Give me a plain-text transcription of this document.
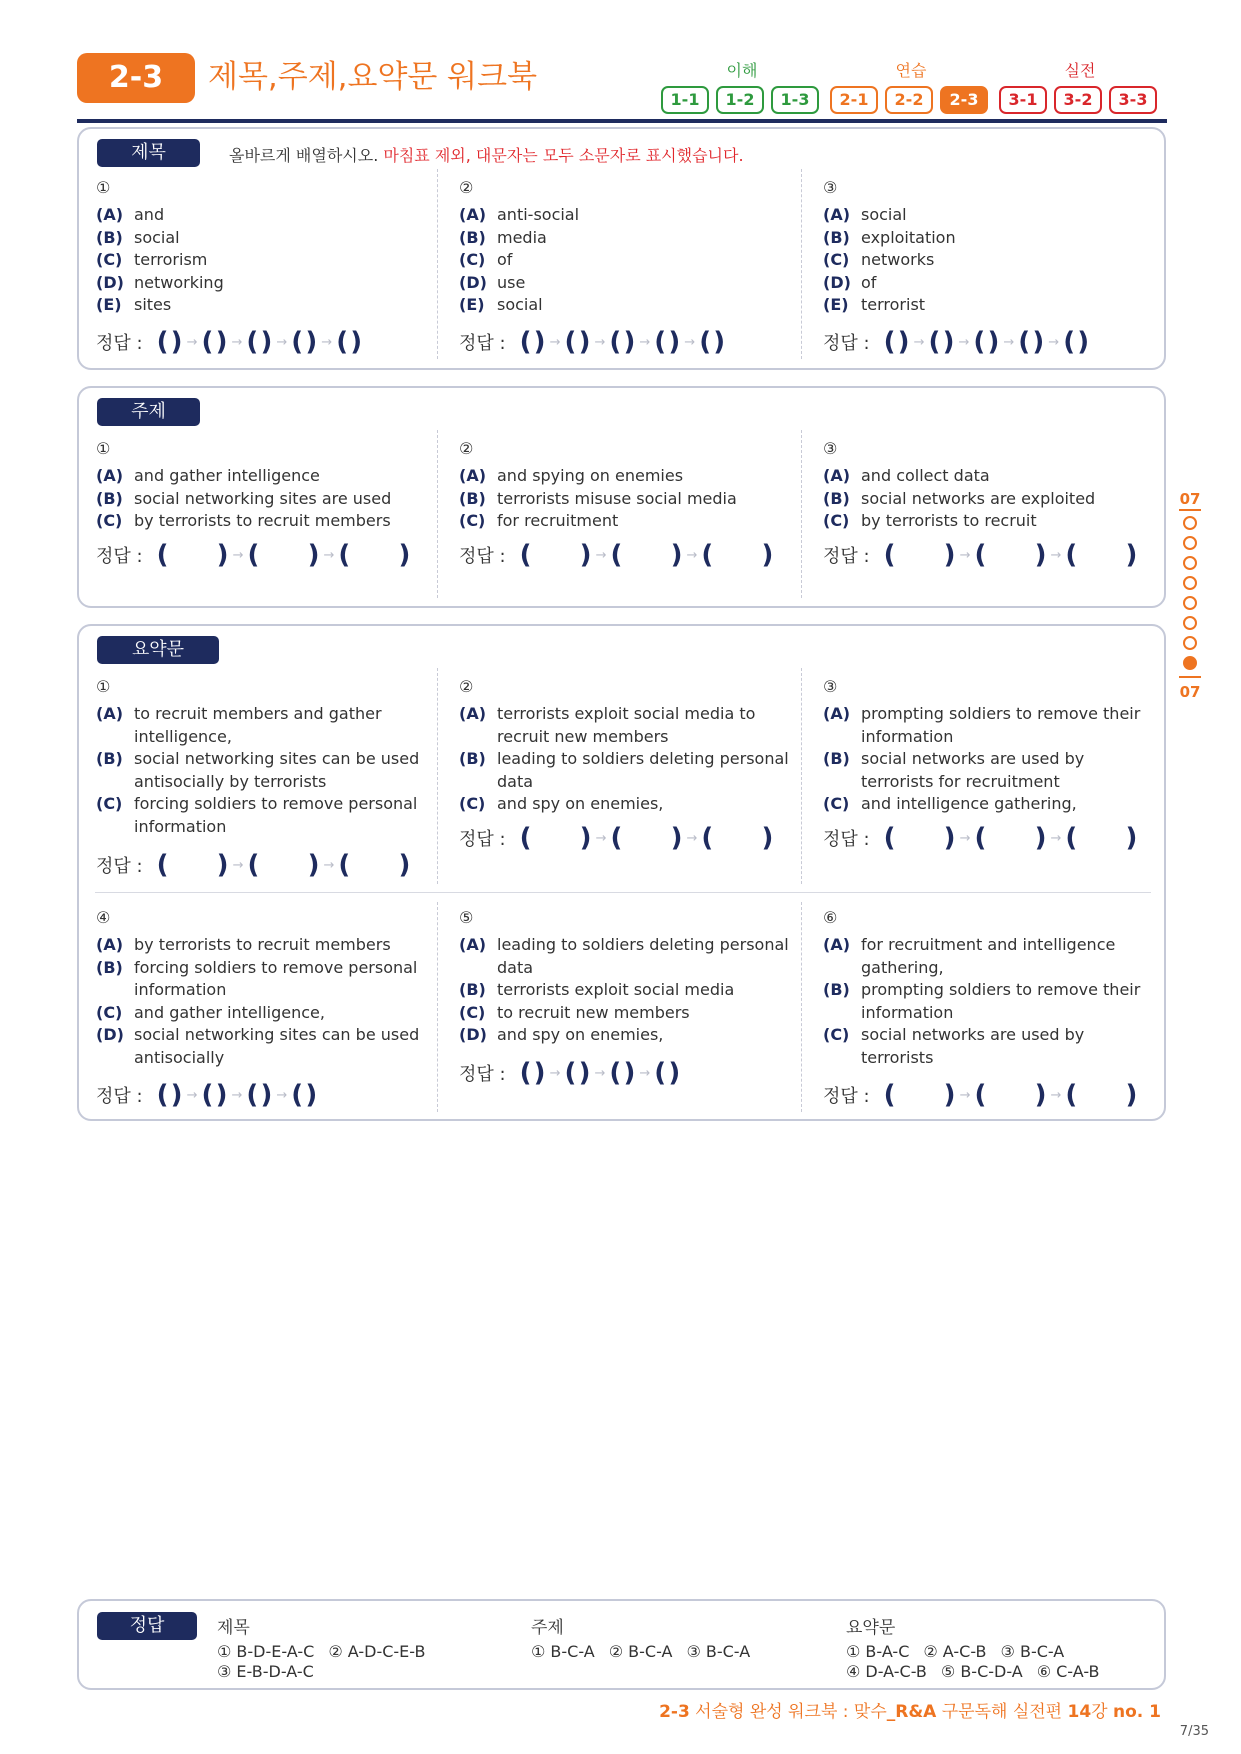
2-3	제목,주제,요약문 워크북	이해
1-1	1-2	1-3
연습
2-1	2-2	2-3
실전
3-1	3-2	3-3
제목	올바르게 배열하시오. 마침표 제외, 대문자는 모두 소문자로 표시했습니다.
①
(A) and
(B) social
(C) terrorism
(D) networking
(E) sites
정답 : ( ) → ( ) → ( ) → ( ) → ( )
②
(A) anti-social
(B) media
(C) of
(D) use
(E) social
정답 : ( ) → ( ) → ( ) → ( ) → ( )
③
(A) social
(B) exploitation
(C) networks
(D) of
(E) terrorist
정답 : ( ) → ( ) → ( ) → ( ) → ( )
주제
①
(A) and gather intelligence
(B) social networking sites are used
(C) by terrorists to recruit members
정답 : ( ) → ( ) → ( )
②
(A) and spying on enemies
(B) terrorists misuse social media
(C) for recruitment
정답 : ( ) → ( ) → ( )
③
(A) and collect data
(B) social networks are exploited
(C) by terrorists to recruit
정답 : ( ) → ( ) → ( )
요약문
①
(A) to recruit members and gather intelligence,
(B) social networking sites can be used antisocially by terrorists
(C) forcing soldiers to remove personal information
②
(A) terrorists exploit social media to recruit new members
(B) leading to soldiers deleting personal data
(C) and spy on enemies,
③
(A) prompting soldiers to remove their information
(B) social networks are used by terrorists for recruitment
(C) and intelligence gathering,
정답 : ( ) → ( ) → ( )
정답 : ( ) → ( ) → ( )	정답 : ( ) → ( ) → ( )
④
(A) by terrorists to recruit members
(B) forcing soldiers to remove personal information
(C) and gather intelligence,
(D) social networking sites can be used antisocially
⑤
(A) leading to soldiers deleting personal data
(B) terrorists exploit social media
(C) to recruit new members
(D) and spy on enemies,
⑥
(A) for recruitment and intelligence gathering,
(B) prompting soldiers to remove their information
(C) social networks are used by terrorists
정답 : ( ) → ( ) → ( ) → ( )
정답 : ( ) → ( ) → ( ) → ( )
정답 : ( ) → ( ) → ( )
07
07
정답	제목
① B-D-E-A-C ② A-D-C-E-B
③ E-B-D-A-C
주제
① B-C-A ② B-C-A ③ B-C-A
요약문
① B-A-C ② A-C-B ③ B-C-A
④ D-A-C-B ⑤ B-C-D-A ⑥ C-A-B
2-3 서술형 완성 워크북 : 맞수_R&A 구문독해 실전편 14강 no. 1
7/35
